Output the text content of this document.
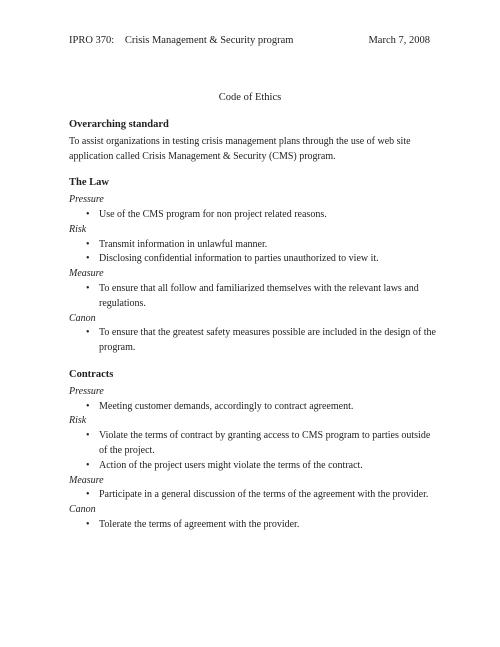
IPRO 370: Crisis Management & Security program	March 7, 2008
Code of Ethics
Overarching standard

To assist organizations in testing crisis management plans through the use of web site application called Crisis Management & Security (CMS) program.

The Law
Pressure
• Use of the CMS program for non project related reasons.
Risk
• Transmit information in unlawful manner.
• Disclosing confidential information to parties unauthorized to view it.
Measure
• To ensure that all follow and familiarized themselves with the relevant laws and regulations.
Canon
• To ensure that the greatest safety measures possible are included in the design of the program.
Contracts
Pressure
• Meeting customer demands, accordingly to contract agreement.
Risk
• Violate the terms of contract by granting access to CMS program to parties outside of the project.
• Action of the project users might violate the terms of the contract.
Measure
• Participate in a general discussion of the terms of the agreement with the provider.
Canon
• Tolerate the terms of agreement with the provider.
